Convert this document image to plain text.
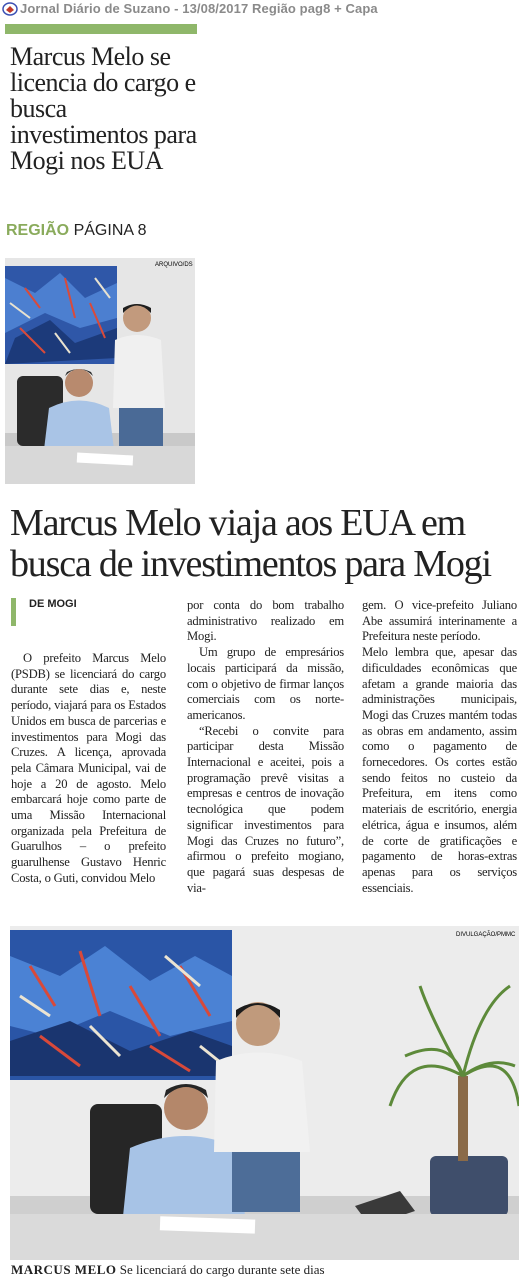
Jornal Diário de Suzano - 13/08/2017 Região pag8 + Capa
Marcus Melo se licencia do cargo e busca investimentos para Mogi nos EUA
REGIÃO PÁGINA 8
ARQUIVO/DS
Marcus Melo viaja aos EUA em busca de investimentos para Mogi
DE MOGI

O prefeito Marcus Melo (PSDB) se licenciará do cargo durante sete dias e, neste período, viajará para os Estados Unidos em busca de parcerias e investimentos para Mogi das Cruzes. A licença, aprovada pela Câmara Municipal, vai de hoje a 20 de agosto. Melo embarcará hoje como parte de uma Missão Internacional organizada pela Prefeitura de Guarulhos – o prefeito guarulhense Gustavo Henric Costa, o Guti, convidou Melo

por conta do bom trabalho administrativo realizado em Mogi.

Um grupo de empresários locais participará da missão, com o objetivo de firmar lanços comerciais com os norte-americanos.

“Recebi o convite para participar desta Missão Internacional e aceitei, pois a programação prevê visitas a empresas e centros de inovação tecnológica que podem significar investimentos para Mogi das Cruzes no futuro”, afirmou o prefeito mogiano, que pagará suas despesas de via-

gem. O vice-prefeito Juliano Abe assumirá interinamente a Prefeitura neste período.

Melo lembra que, apesar das dificuldades econômicas que afetam a grande maioria das administrações municipais, Mogi das Cruzes mantém todas as obras em andamento, assim como o pagamento de fornecedores. Os cortes estão sendo feitos no custeio da Prefeitura, em itens como materiais de escritório, energia elétrica, água e insumos, além de corte de gratificações e pagamento de horas-extras apenas para os serviços essenciais.

DIVULGAÇÃO/PMMC
MARCUS MELO Se licenciará do cargo durante sete dias
